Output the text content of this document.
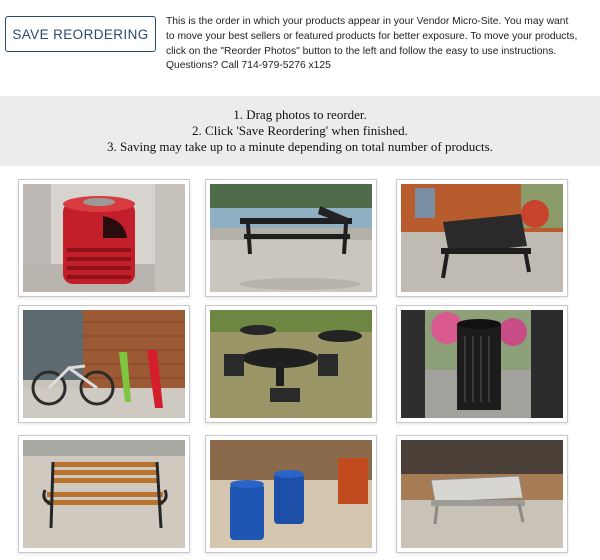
SAVE REORDERING
This is the order in which your products appear in your Vendor Micro-Site. You may want
to move your best sellers or featured products for better exposure. To move your products,
click on the "Reorder Photos" button to the left and follow the easy to use instructions.
Questions? Call 714-979-5276 x125
1. Drag photos to reorder.
2. Click 'Save Reordering' when finished.
3. Saving may take up to a minute depending on total number of products.
